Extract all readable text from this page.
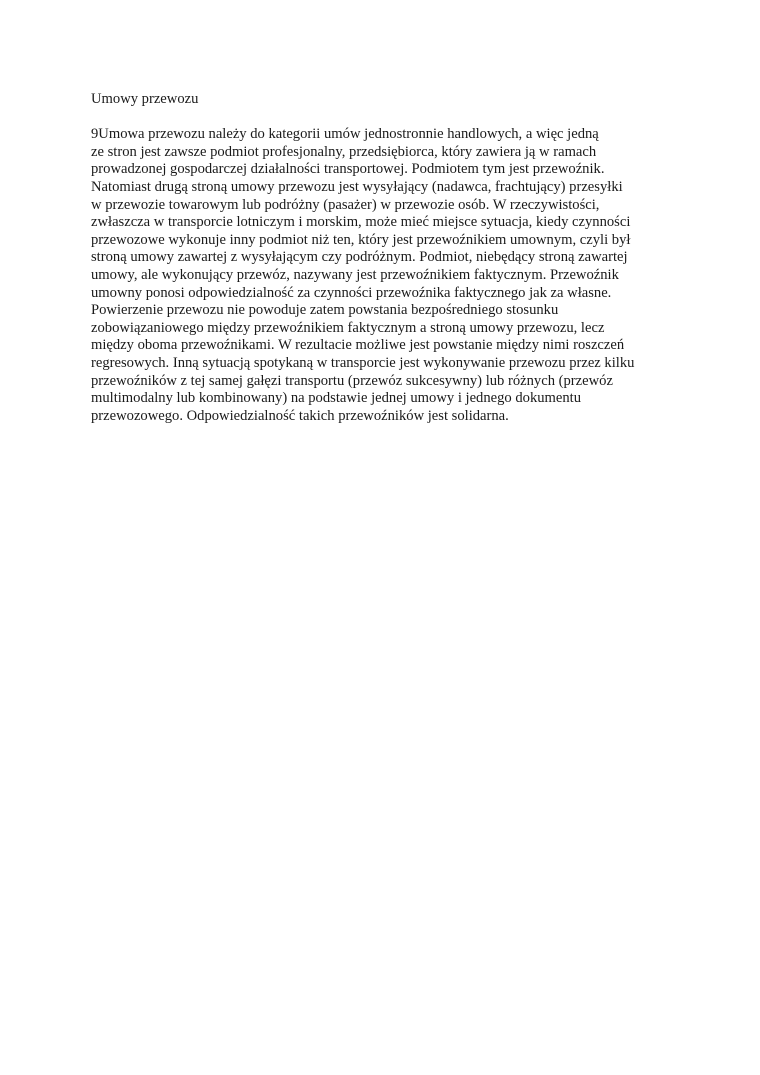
Umowy przewozu
9Umowa przewozu należy do kategorii umów jednostronnie handlowych, a więc jedną
ze stron jest zawsze podmiot profesjonalny, przedsiębiorca, który zawiera ją w ramach
prowadzonej gospodarczej działalności transportowej. Podmiotem tym jest przewoźnik.
Natomiast drugą stroną umowy przewozu jest wysyłający (nadawca, frachtujący) przesyłki
w przewozie towarowym lub podróżny (pasażer) w przewozie osób. W rzeczywistości,
zwłaszcza w transporcie lotniczym i morskim, może mieć miejsce sytuacja, kiedy czynności
przewozowe wykonuje inny podmiot niż ten, który jest przewoźnikiem umownym, czyli był
stroną umowy zawartej z wysyłającym czy podróżnym. Podmiot, niebędący stroną zawartej
umowy, ale wykonujący przewóz, nazywany jest przewoźnikiem faktycznym. Przewoźnik
umowny ponosi odpowiedzialność za czynności przewoźnika faktycznego jak za własne.
Powierzenie przewozu nie powoduje zatem powstania bezpośredniego stosunku
zobowiązaniowego między przewoźnikiem faktycznym a stroną umowy przewozu, lecz
między oboma przewoźnikami. W rezultacie możliwe jest powstanie między nimi roszczeń
regresowych. Inną sytuacją spotykaną w transporcie jest wykonywanie przewozu przez kilku
przewoźników z tej samej gałęzi transportu (przewóz sukcesywny) lub różnych (przewóz
multimodalny lub kombinowany) na podstawie jednej umowy i jednego dokumentu
przewozowego. Odpowiedzialność takich przewoźników jest solidarna.
